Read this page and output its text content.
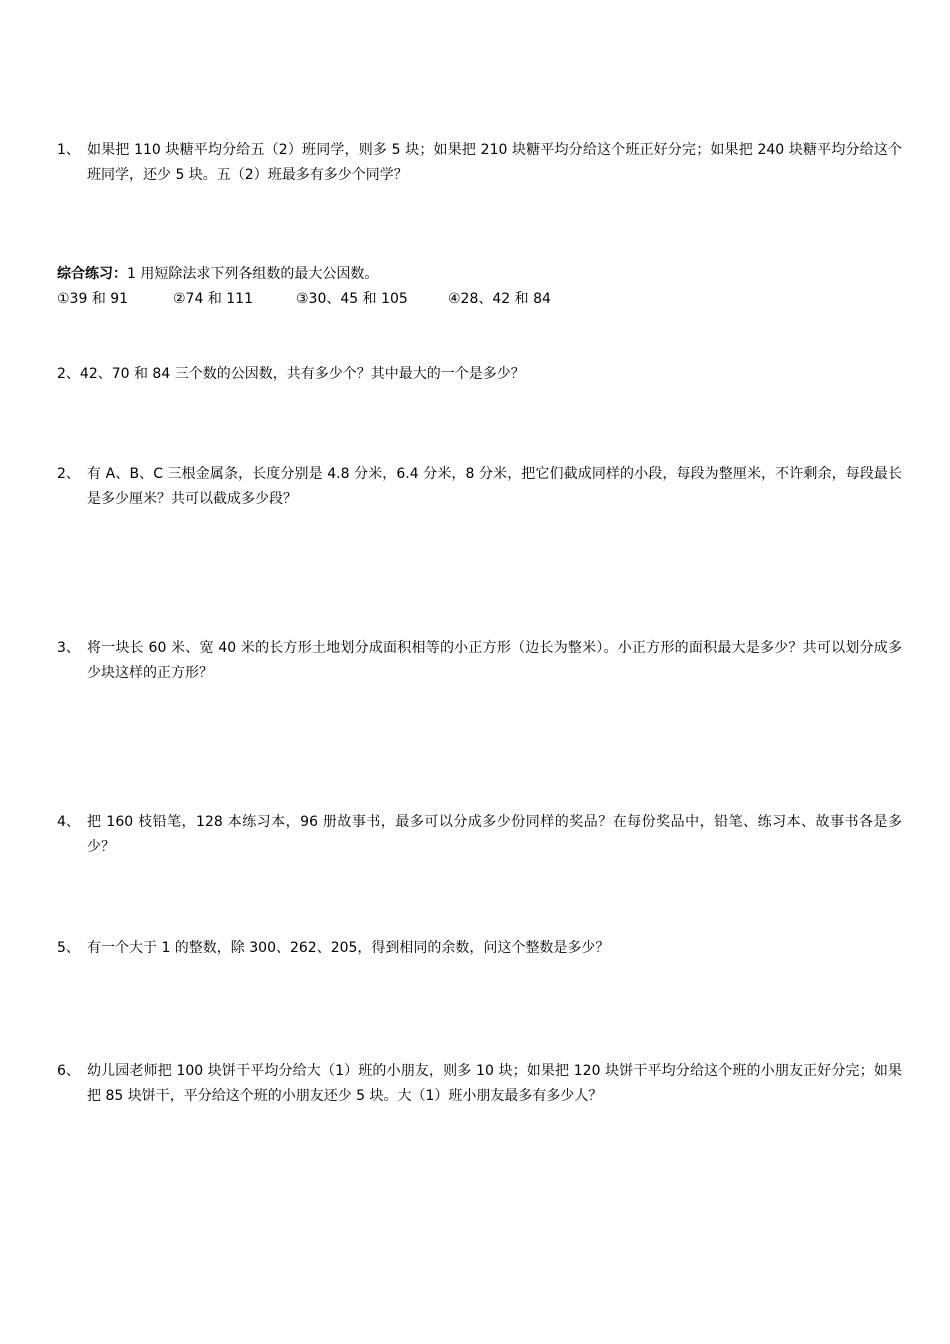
1、 如果把 110 块糖平均分给五（2）班同学，则多 5 块；如果把 210 块糖平均分给这个班正好分完；如果把 240 块糖平均分给这个班同学，还少 5 块。五（2）班最多有多少个同学？
综合练习：1 用短除法求下列各组数的最大公因数。
①39 和 91	②74 和 111	③30、45 和 105	④28、42 和 84
2、42、70 和 84 三个数的公因数，共有多少个？其中最大的一个是多少？
2、 有 A、B、C 三根金属条，长度分别是 4.8 分米，6.4 分米，8 分米，把它们截成同样的小段，每段为整厘米，不许剩余，每段最长是多少厘米？共可以截成多少段？
3、 将一块长 60 米、宽 40 米的长方形土地划分成面积相等的小正方形（边长为整米）。小正方形的面积最大是多少？共可以划分成多少块这样的正方形？
4、 把 160 枝铅笔，128 本练习本，96 册故事书，最多可以分成多少份同样的奖品？在每份奖品中，铅笔、练习本、故事书各是多少？
5、 有一个大于 1 的整数，除 300、262、205，得到相同的余数，问这个整数是多少？
6、 幼儿园老师把 100 块饼干平均分给大（1）班的小朋友，则多 10 块；如果把 120 块饼干平均分给这个班的小朋友正好分完；如果把 85 块饼干，平分给这个班的小朋友还少 5 块。大（1）班小朋友最多有多少人？
